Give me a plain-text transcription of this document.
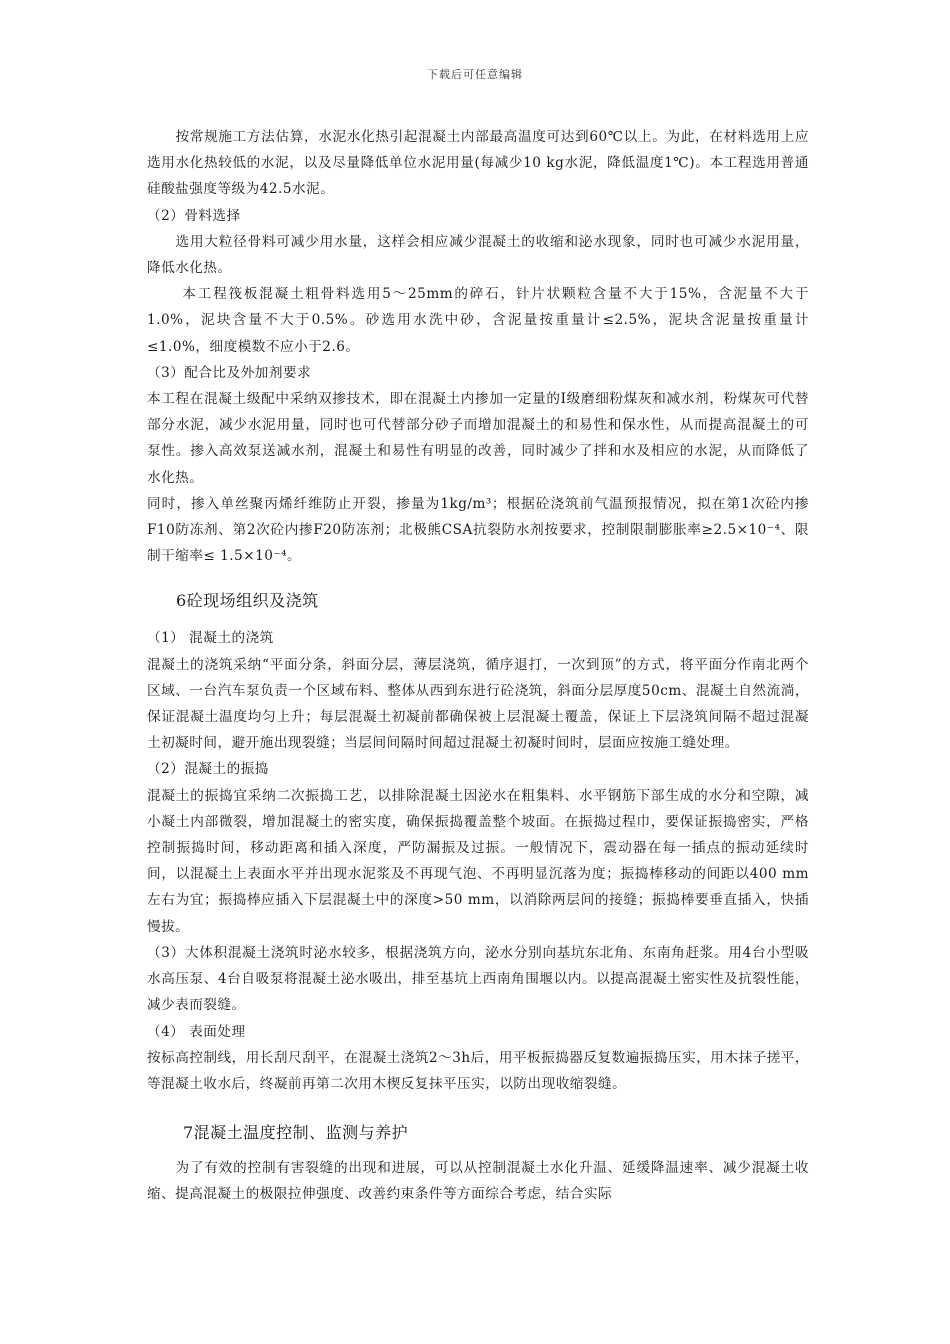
下载后可任意编辑

按常规施工方法估算，水泥水化热引起混凝土内部最高温度可达到60℃以上。为此，在材料选用上应选用水化热较低的水泥，以及尽量降低单位水泥用量(每减少10 kg水泥，降低温度1℃)。本工程选用普通硅酸盐强度等级为42.5水泥。

（2）骨料选择

选用大粒径骨料可减少用水量，这样会相应减少混凝土的收缩和泌水现象，同时也可减少水泥用量，降低水化热。

本工程筏板混凝土粗骨料选用5～25mm的碎石，针片状颗粒含量不大于15%，含泥量不大于1.0%，泥块含量不大于0.5%。砂选用水洗中砂，含泥量按重量计≤2.5%，泥块含泥量按重量计≤1.0%，细度模数不应小于2.6。

（3）配合比及外加剂要求

本工程在混凝土级配中采纳双掺技术，即在混凝土内掺加一定量的Ⅰ级磨细粉煤灰和减水剂，粉煤灰可代替部分水泥，减少水泥用量，同时也可代替部分砂子而增加混凝土的和易性和保水性，从而提高混凝土的可泵性。掺入高效泵送减水剂，混凝土和易性有明显的改善，同时减少了拌和水及相应的水泥，从而降低了水化热。

同时，掺入单丝聚丙烯纤维防止开裂，掺量为1kg/m³；根据砼浇筑前气温预报情况，拟在第1次砼内掺F10防冻剂、第2次砼内掺F20防冻剂；北极熊CSA抗裂防水剂按要求，控制限制膨胀率≥2.5×10⁻⁴、限制干缩率≤ 1.5×10⁻⁴。

6砼现场组织及浇筑

（1） 混凝土的浇筑

混凝土的浇筑采纳“平面分条，斜面分层，薄层浇筑，循序退打，一次到顶”的方式，将平面分作南北两个区域、一台汽车泵负责一个区域布料、整体从西到东进行砼浇筑，斜面分层厚度50cm、混凝土自然流淌，保证混凝土温度均匀上升；每层混凝土初凝前都确保被上层混凝土覆盖，保证上下层浇筑间隔不超过混凝土初凝时间，避开施出现裂缝；当层间间隔时间超过混凝土初凝时间时，层面应按施工缝处理。

（2）混凝土的振捣

混凝土的振捣宜采纳二次振捣工艺，以排除混凝土因泌水在粗集料、水平钢筋下部生成的水分和空隙，减小凝土内部微裂，增加混凝土的密实度，确保振捣覆盖整个坡面。在振捣过程巾，要保证振捣密实，严格控制振捣时间，移动距离和插入深度，严防漏振及过振。一般情况下，震动器在每一插点的振动延续时间，以混凝土上表面水平并出现水泥浆及不再现气泡、不再明显沉落为度；振捣棒移动的间距以400 mm左右为宜；振捣棒应插入下层混凝土中的深度>50 mm，以消除两层间的接缝；振捣棒要垂直插入，快插慢拔。

（3）大体积混凝土浇筑时泌水较多，根据浇筑方向，泌水分别向基坑东北角、东南角赶浆。用4台小型吸水高压泵、4台自吸泵将混凝土泌水吸出，排至基坑上西南角围堰以内。以提高混凝土密实性及抗裂性能，减少表而裂缝。

（4） 表面处理

按标高控制线，用长刮尺刮平，在混凝土浇筑2～3h后，用平板振捣器反复数遍振捣压实，用木抹子搓平，等混凝土收水后，终凝前再第二次用木楔反复抹平压实，以防出现收缩裂缝。

7混凝土温度控制、监测与养护

为了有效的控制有害裂缝的出现和进展，可以从控制混凝土水化升温、延缓降温速率、减少混凝土收缩、提高混凝土的极限拉伸强度、改善约束条件等方面综合考虑，结合实际
